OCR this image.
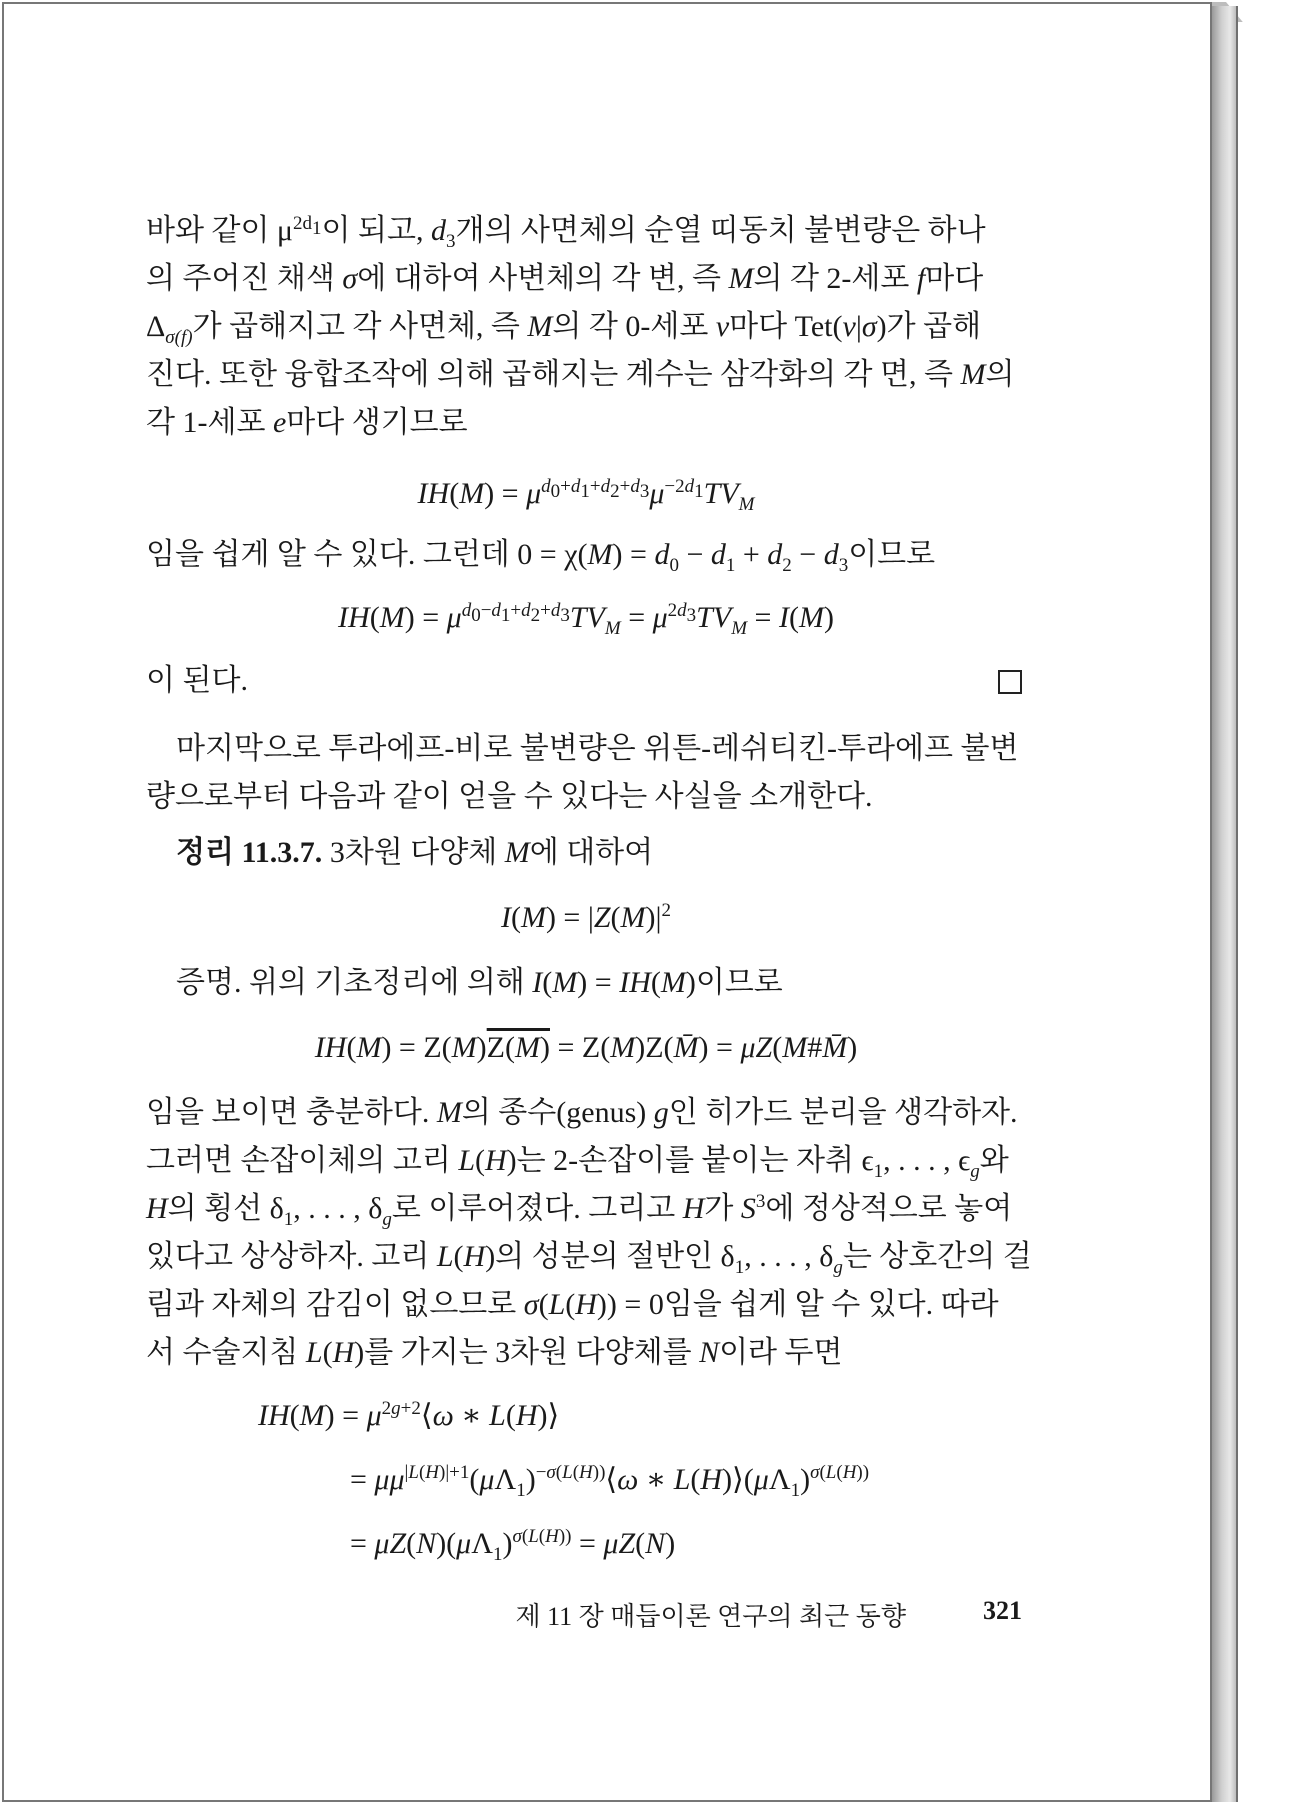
바와 같이 $\mu^{2d_1}$이 되고, $d_3$개의 사면체의 순열 띠동치 불변량은 하나
의 주어진 채색 σ에 대하여 사변체의 각 변, 즉 M의 각 2-세포 f마다
$\Delta_{\sigma(f)}$가 곱해지고 각 사면체, 즉 M의 각 0-세포 v마다 Tet(v|σ)가 곱해
진다. 또한 융합조작에 의해 곱해지는 계수는 삼각화의 각 면, 즉 M의
각 1-세포 e마다 생기므로
$IH(M) = \mu^{d_0+d_1+d_2+d_3}\mu^{-2d_1}TV_M$
임을 쉽게 알 수 있다. 그런데 $0 = \chi(M) = d_0 - d_1 + d_2 - d_3$이므로
$IH(M) = \mu^{d_0-d_1+d_2+d_3}TV_M = \mu^{2d_3}TV_M = I(M)$
이 된다.
마지막으로 투라에프-비로 불변량은 위튼-레쉬티킨-투라에프 불변
량으로부터 다음과 같이 얻을 수 있다는 사실을 소개한다.
정리 11.3.7. 3차원 다양체 M에 대하여
$I(M) = |Z(M)|^2$
증명. 위의 기초정리에 의해 I(M) = IH(M)이므로
IH(M) = Z(M)Z(M) = Z(M)Z(M̄) = μZ(M#M̄)
임을 보이면 충분하다. M의 종수(genus) g인 히가드 분리을 생각하자.
그러면 손잡이체의 고리 L(H)는 2-손잡이를 붙이는 자취 $\epsilon_1$, . . . , $\epsilon_g$와
H의 횡선 $\delta_1$, . . . , $\delta_g$로 이루어졌다. 그리고 H가 $S^3$에 정상적으로 놓여
있다고 상상하자. 고리 L(H)의 성분의 절반인 $\delta_1$, . . . , $\delta_g$는 상호간의 걸
림과 자체의 감김이 없으므로 σ(L(H)) = 0임을 쉽게 알 수 있다. 따라
서 수술지침 L(H)를 가지는 3차원 다양체를 N이라 두면
$IH(M) = \mu^{2g+2}⟨\omega$ ∗ L(H)⟩
= $\mu\mu^{|L(H)|+1}(\mu\Lambda_1)^{-\sigma(L(H))}⟨\omega$ ∗ $L(H)⟩(\mu\Lambda_1)^{\sigma(L(H))}$
= $\mu Z(N)(\mu\Lambda_1)^{\sigma(L(H))} = \mu Z(N)$
제 11 장 매듭이론 연구의 최근 동향	321
